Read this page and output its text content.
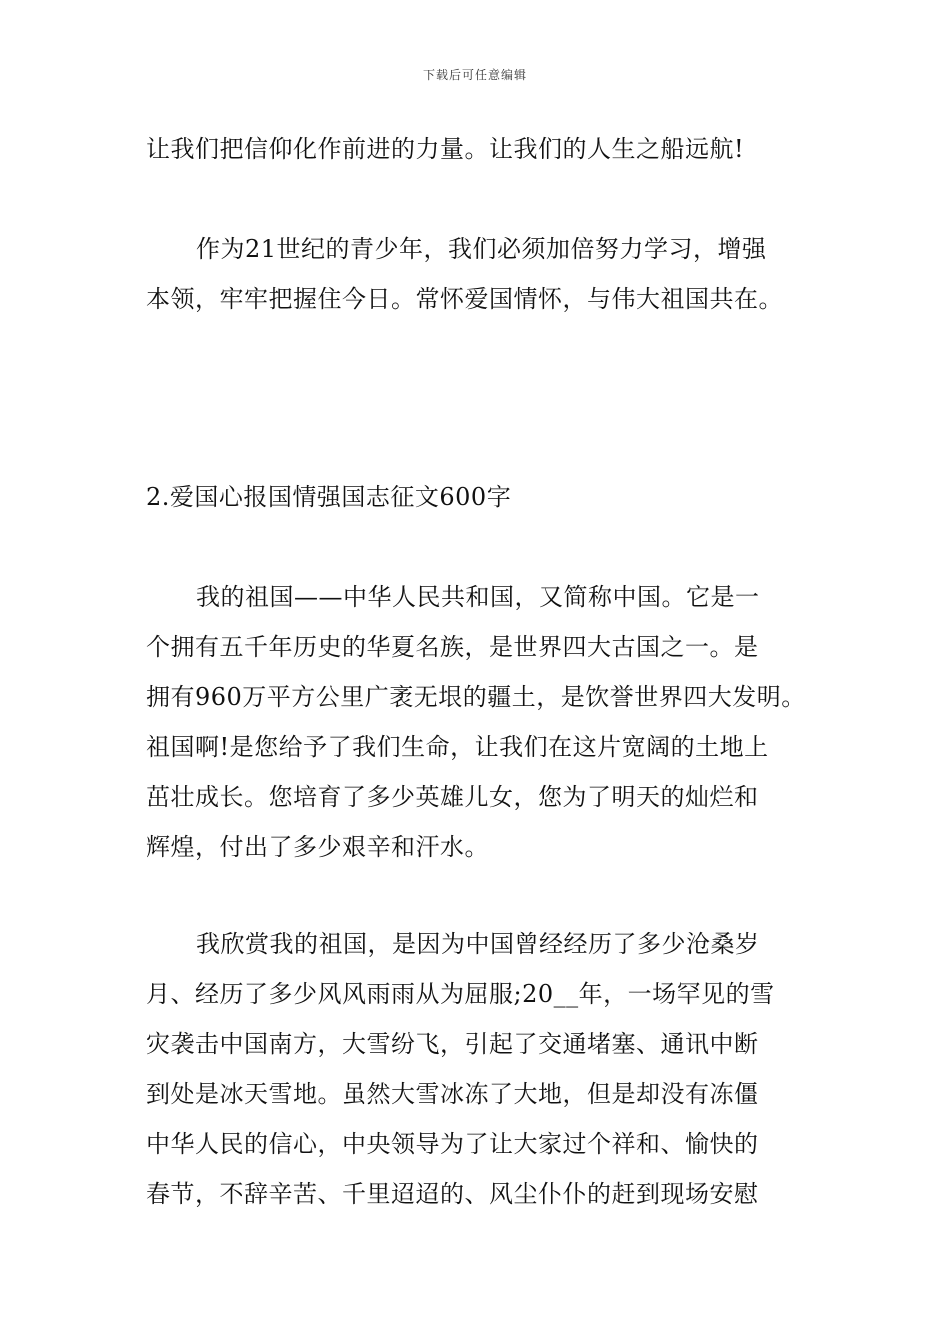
下载后可任意编辑
让我们把信仰化作前进的力量。让我们的人生之船远航!
作为21世纪的青少年，我们必须加倍努力学习，增强
本领，牢牢把握住今日。常怀爱国情怀，与伟大祖国共在。
2.爱国心报国情强国志征文600字
我的祖国——中华人民共和国，又简称中国。它是一
个拥有五千年历史的华夏名族，是世界四大古国之一。是
拥有960万平方公里广袤无垠的疆土，是饮誉世界四大发明。
祖国啊!是您给予了我们生命，让我们在这片宽阔的土地上
茁壮成长。您培育了多少英雄儿女，您为了明天的灿烂和
辉煌，付出了多少艰辛和汗水。
我欣赏我的祖国，是因为中国曾经经历了多少沧桑岁
月、经历了多少风风雨雨从为屈服;20__年，一场罕见的雪
灾袭击中国南方，大雪纷飞，引起了交通堵塞、通讯中断
到处是冰天雪地。虽然大雪冰冻了大地，但是却没有冻僵
中华人民的信心，中央领导为了让大家过个祥和、愉快的
春节，不辞辛苦、千里迢迢的、风尘仆仆的赶到现场安慰
